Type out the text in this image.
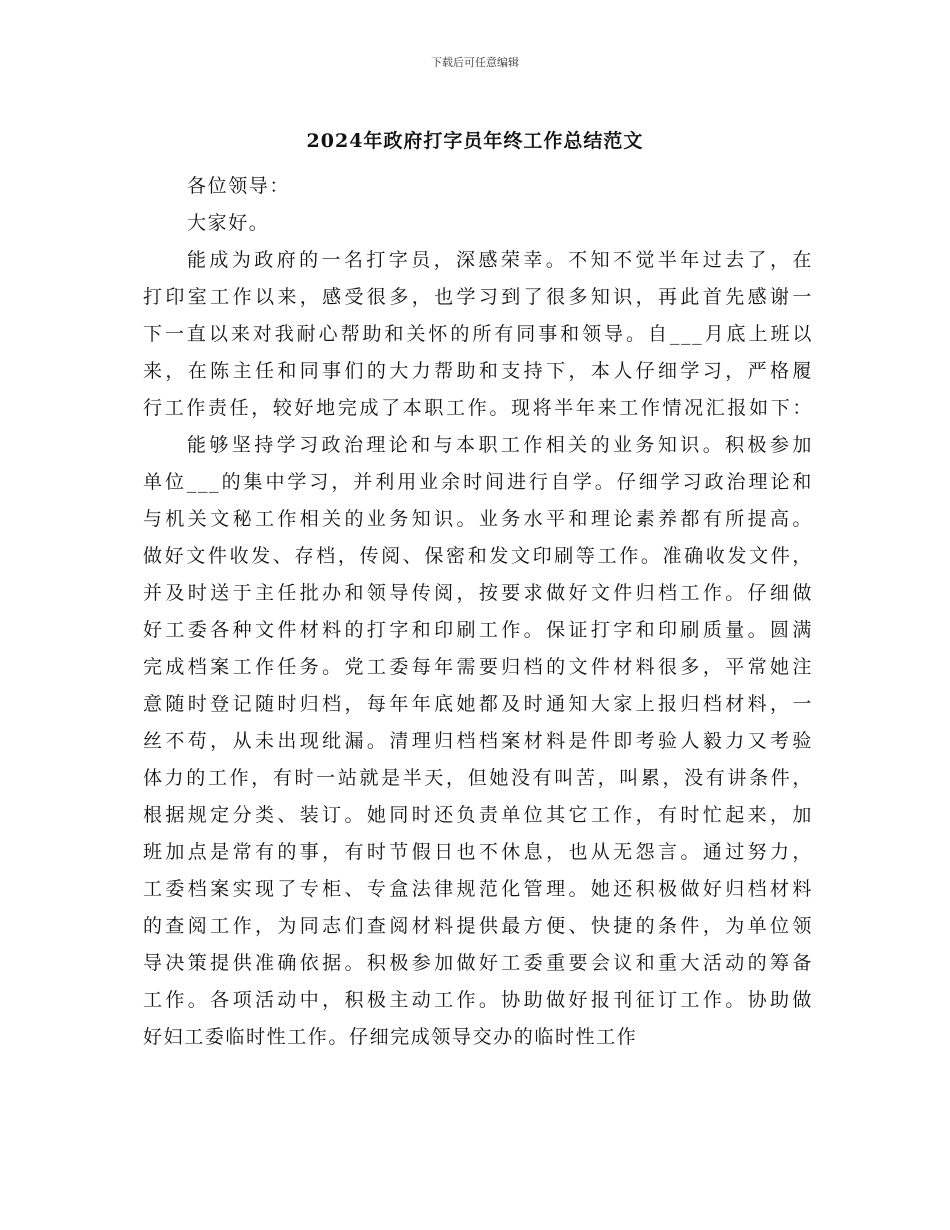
下载后可任意编辑
2024年政府打字员年终工作总结范文
各位领导：
大家好。
能成为政府的一名打字员，深感荣幸。不知不觉半年过去了，在
打印室工作以来，感受很多，也学习到了很多知识，再此首先感谢一
下一直以来对我耐心帮助和关怀的所有同事和领导。自___月底上班以
来，在陈主任和同事们的大力帮助和支持下，本人仔细学习，严格履
行工作责任，较好地完成了本职工作。现将半年来工作情况汇报如下：
能够坚持学习政治理论和与本职工作相关的业务知识。积极参加
单位___的集中学习，并利用业余时间进行自学。仔细学习政治理论和
与机关文秘工作相关的业务知识。业务水平和理论素养都有所提高。
做好文件收发、存档，传阅、保密和发文印刷等工作。准确收发文件，
并及时送于主任批办和领导传阅，按要求做好文件归档工作。仔细做
好工委各种文件材料的打字和印刷工作。保证打字和印刷质量。圆满
完成档案工作任务。党工委每年需要归档的文件材料很多，平常她注
意随时登记随时归档，每年年底她都及时通知大家上报归档材料，一
丝不苟，从未出现纰漏。清理归档档案材料是件即考验人毅力又考验
体力的工作，有时一站就是半天，但她没有叫苦，叫累，没有讲条件，
根据规定分类、装订。她同时还负责单位其它工作，有时忙起来，加
班加点是常有的事，有时节假日也不休息，也从无怨言。通过努力，
工委档案实现了专柜、专盒法律规范化管理。她还积极做好归档材料
的查阅工作，为同志们查阅材料提供最方便、快捷的条件，为单位领
导决策提供准确依据。积极参加做好工委重要会议和重大活动的筹备
工作。各项活动中，积极主动工作。协助做好报刊征订工作。协助做
好妇工委临时性工作。仔细完成领导交办的临时性工作
